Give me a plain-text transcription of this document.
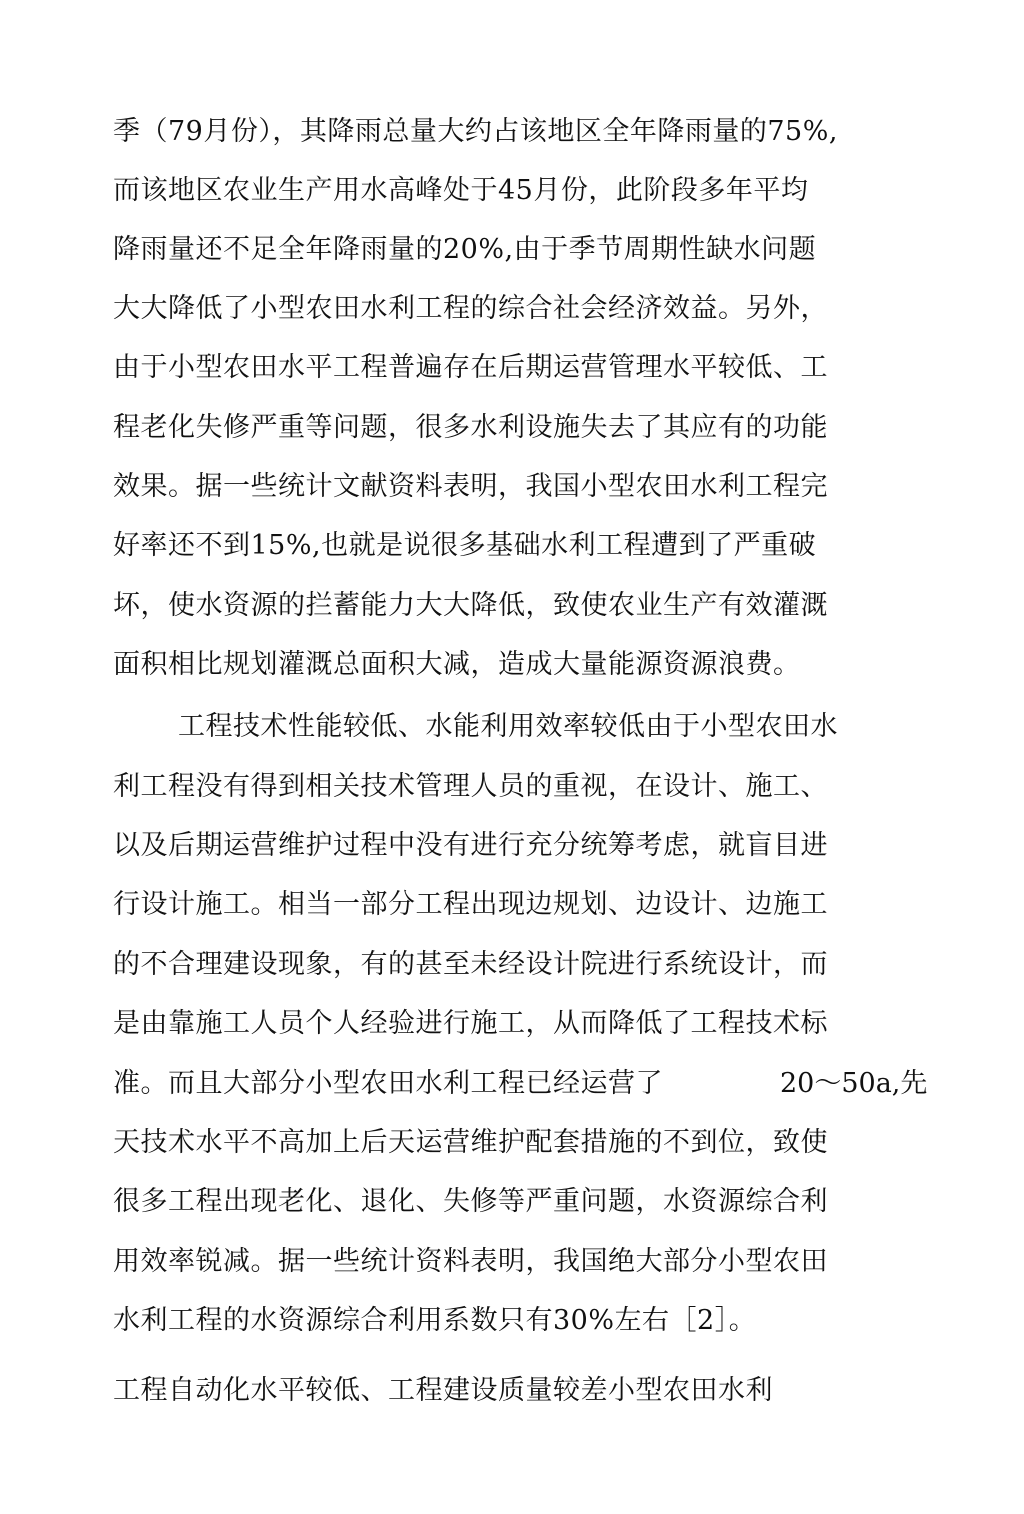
季（79月份），其降雨总量大约占该地区全年降雨量的75%,
而该地区农业生产用水高峰处于45月份，此阶段多年平均
降雨量还不足全年降雨量的20%,由于季节周期性缺水问题
大大降低了小型农田水利工程的综合社会经济效益。另外，
由于小型农田水平工程普遍存在后期运营管理水平较低、工
程老化失修严重等问题，很多水利设施失去了其应有的功能
效果。据一些统计文献资料表明，我国小型农田水利工程完
好率还不到15%,也就是说很多基础水利工程遭到了严重破
坏，使水资源的拦蓄能力大大降低，致使农业生产有效灌溉
面积相比规划灌溉总面积大减，造成大量能源资源浪费。
工程技术性能较低、水能利用效率较低由于小型农田水
利工程没有得到相关技术管理人员的重视，在设计、施工、
以及后期运营维护过程中没有进行充分统筹考虑，就盲目进
行设计施工。相当一部分工程出现边规划、边设计、边施工
的不合理建设现象，有的甚至未经设计院进行系统设计，而
是由靠施工人员个人经验进行施工，从而降低了工程技术标
准。而且大部分小型农田水利工程已经运营了	20～50a,先
天技术水平不高加上后天运营维护配套措施的不到位，致使
很多工程出现老化、退化、失修等严重问题，水资源综合利
用效率锐减。据一些统计资料表明，我国绝大部分小型农田
水利工程的水资源综合利用系数只有30%左右［2］。
工程自动化水平较低、工程建设质量较差小型农田水利
